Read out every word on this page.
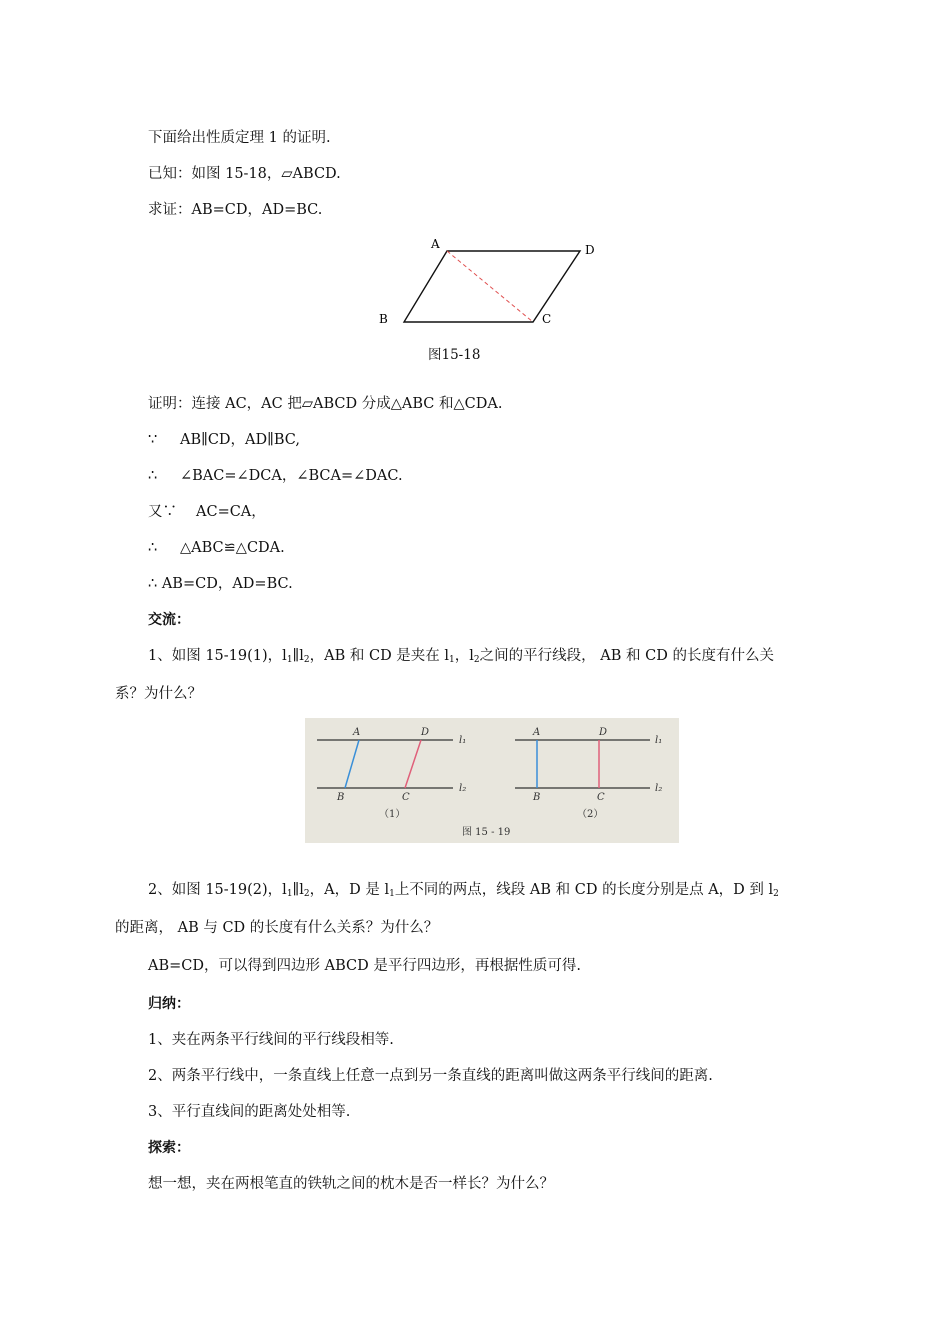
下面给出性质定理 1 的证明.
已知：如图 15-18，▱ABCD.
求证：AB=CD，AD=BC.
A	D
B	C
图15-18
证明：连接 AC，AC 把▱ABCD 分成△ABC 和△CDA.
∵ AB∥CD，AD∥BC,
∴ ∠BAC=∠DCA，∠BCA=∠DAC.
又∵ AC=CA，
∴ △ABC≌△CDA.
∴ AB=CD，AD=BC.
交流：
1、如图 15-19(1)，$l_1\parallel l_2$，AB 和 CD 是夹在 $l_1$，$l_2$之间的平行线段， AB 和 CD 的长度有什么关
系？为什么？
A	D
B	C
l₁
l₂
（1）
A	D
B	C
l₁
l₂
（2）
图 15 - 19
2、如图 15-19(2)，$l_1\parallel l_2$，A，D 是 $l_1$上不同的两点，线段 AB 和 CD 的长度分别是点 A，D 到 $l_2$
的距离， AB 与 CD 的长度有什么关系？为什么？
AB=CD，可以得到四边形 ABCD 是平行四边形，再根据性质可得.
归纳：
1、夹在两条平行线间的平行线段相等.
2、两条平行线中，一条直线上任意一点到另一条直线的距离叫做这两条平行线间的距离.
3、平行直线间的距离处处相等.
探索：
想一想，夹在两根笔直的铁轨之间的枕木是否一样长？为什么？
